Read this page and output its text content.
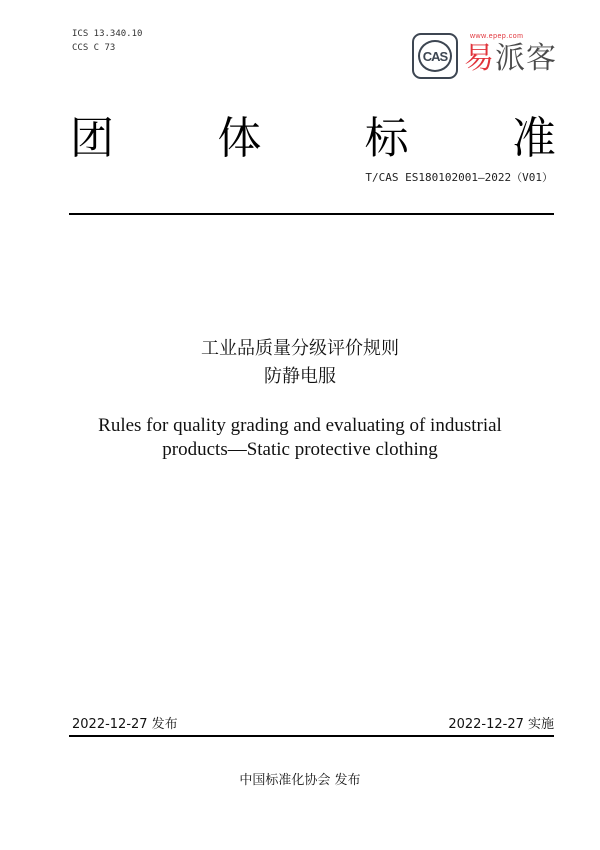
ICS 13.340.10
CCS C 73
CAS
www.epep.com
易派客
团 体 标 准
T/CAS ES180102001—2022（V01）
工业品质量分级评价规则
防静电服
Rules for quality grading and evaluating of industrial
products—Static protective clothing
2022-12-27 发布	2022-12-27 实施
中国标准化协会 发布
